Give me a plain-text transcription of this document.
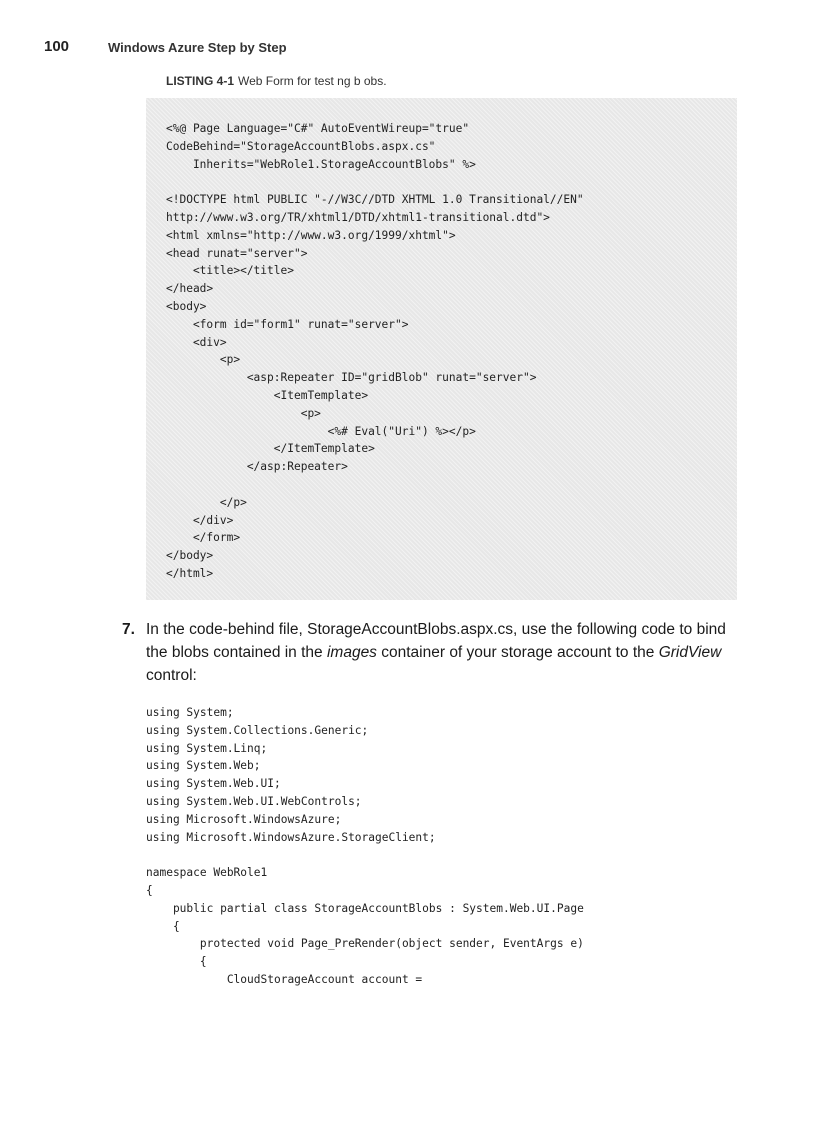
100	Windows Azure Step by Step
LISTING 4-1 Web Form for test ng b obs.
<%@ Page Language="C#" AutoEventWireup="true"
CodeBehind="StorageAccountBlobs.aspx.cs"
Inherits="WebRole1.StorageAccountBlobs" %>
<!DOCTYPE html PUBLIC "-//W3C//DTD XHTML 1.0 Transitional//EN"
http://www.w3.org/TR/xhtml1/DTD/xhtml1-transitional.dtd">
<html xmlns="http://www.w3.org/1999/xhtml">
<head runat="server">
<title></title>
</head>
<body>
<form id="form1" runat="server">
<div>
<p>
<asp:Repeater ID="gridBlob" runat="server">
<ItemTemplate>
<p>
<%# Eval("Uri") %></p>
</ItemTemplate>
</asp:Repeater>
</p>
</div>
</form>
</body>
</html>
7. In the code-behind file, StorageAccountBlobs.aspx.cs, use the following code to bind the blobs contained in the images container of your storage account to the GridView control:
using System;
using System.Collections.Generic;
using System.Linq;
using System.Web;
using System.Web.UI;
using System.Web.UI.WebControls;
using Microsoft.WindowsAzure;
using Microsoft.WindowsAzure.StorageClient;
namespace WebRole1
{
public partial class StorageAccountBlobs : System.Web.UI.Page
{
protected void Page_PreRender(object sender, EventArgs e)
{
CloudStorageAccount account =
